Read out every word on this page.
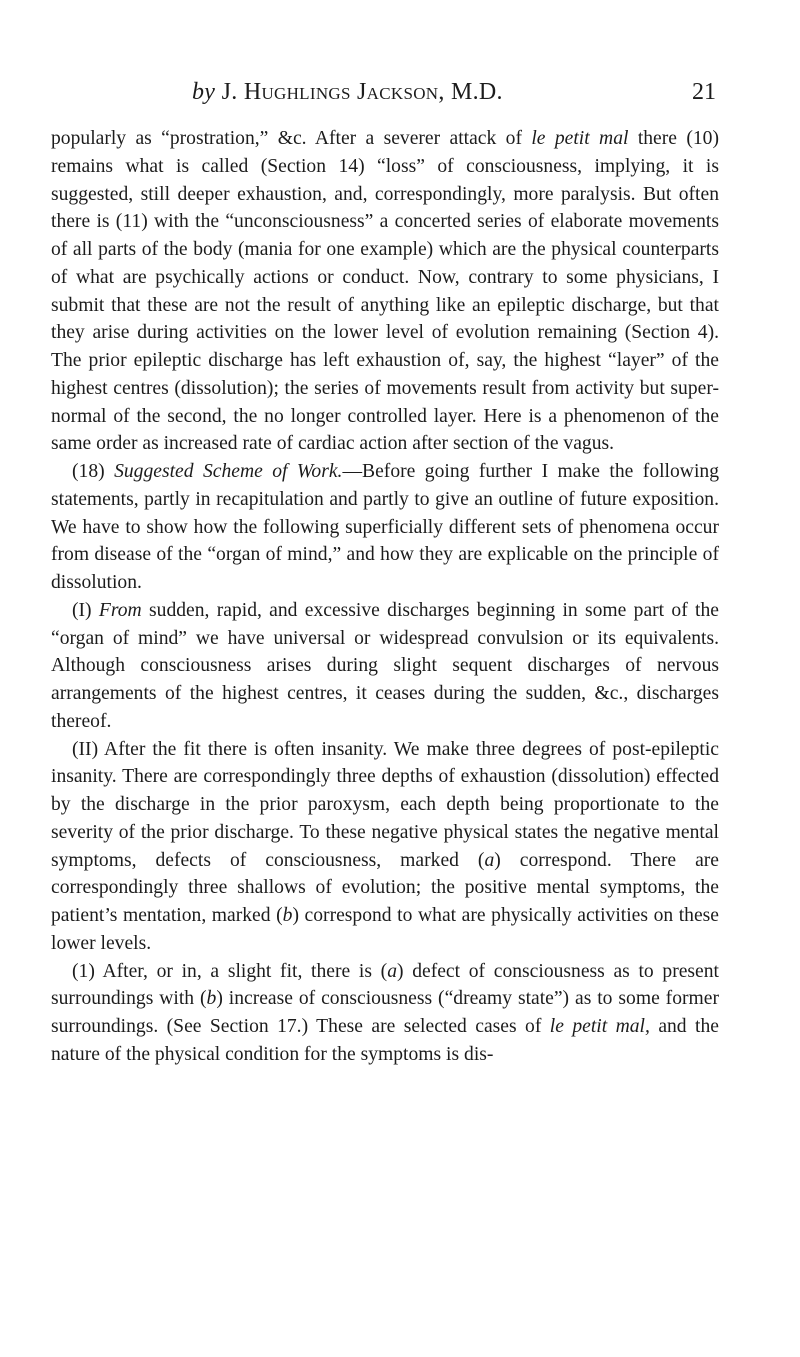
by J. Hughlings Jackson, M.D.	21

popularly as “prostration,” &c. After a severer attack of le petit mal there (10) remains what is called (Section 14) “loss” of consciousness, implying, it is suggested, still deeper exhaustion, and, correspondingly, more paralysis. But often there is (11) with the “unconsciousness” a concerted series of elaborate movements of all parts of the body (mania for one example) which are the physical counterparts of what are psychically actions or conduct. Now, contrary to some physicians, I submit that these are not the result of anything like an epileptic discharge, but that they arise during activities on the lower level of evolution remaining (Section 4). The prior epileptic discharge has left exhaustion of, say, the highest “layer” of the highest centres (dissolution); the series of movements result from activity but super-normal of the second, the no longer controlled layer. Here is a phenomenon of the same order as increased rate of cardiac action after section of the vagus.

(18) Suggested Scheme of Work.—Before going further I make the following statements, partly in recapitulation and partly to give an outline of future exposition. We have to show how the following superficially different sets of phenomena occur from disease of the “organ of mind,” and how they are explicable on the principle of dissolution.

(I) From sudden, rapid, and excessive discharges beginning in some part of the “organ of mind” we have universal or widespread convulsion or its equivalents. Although consciousness arises during slight sequent discharges of nervous arrangements of the highest centres, it ceases during the sudden, &c., discharges thereof.

(II) After the fit there is often insanity. We make three degrees of post-epileptic insanity. There are correspondingly three depths of exhaustion (dissolution) effected by the discharge in the prior paroxysm, each depth being proportionate to the severity of the prior discharge. To these negative physical states the negative mental symptoms, defects of consciousness, marked (a) correspond. There are correspondingly three shallows of evolution; the positive mental symptoms, the patient’s mentation, marked (b) correspond to what are physically activities on these lower levels.

(1) After, or in, a slight fit, there is (a) defect of consciousness as to present surroundings with (b) increase of consciousness (“dreamy state”) as to some former surroundings. (See Section 17.) These are selected cases of le petit mal, and the nature of the physical condition for the symptoms is dis-
